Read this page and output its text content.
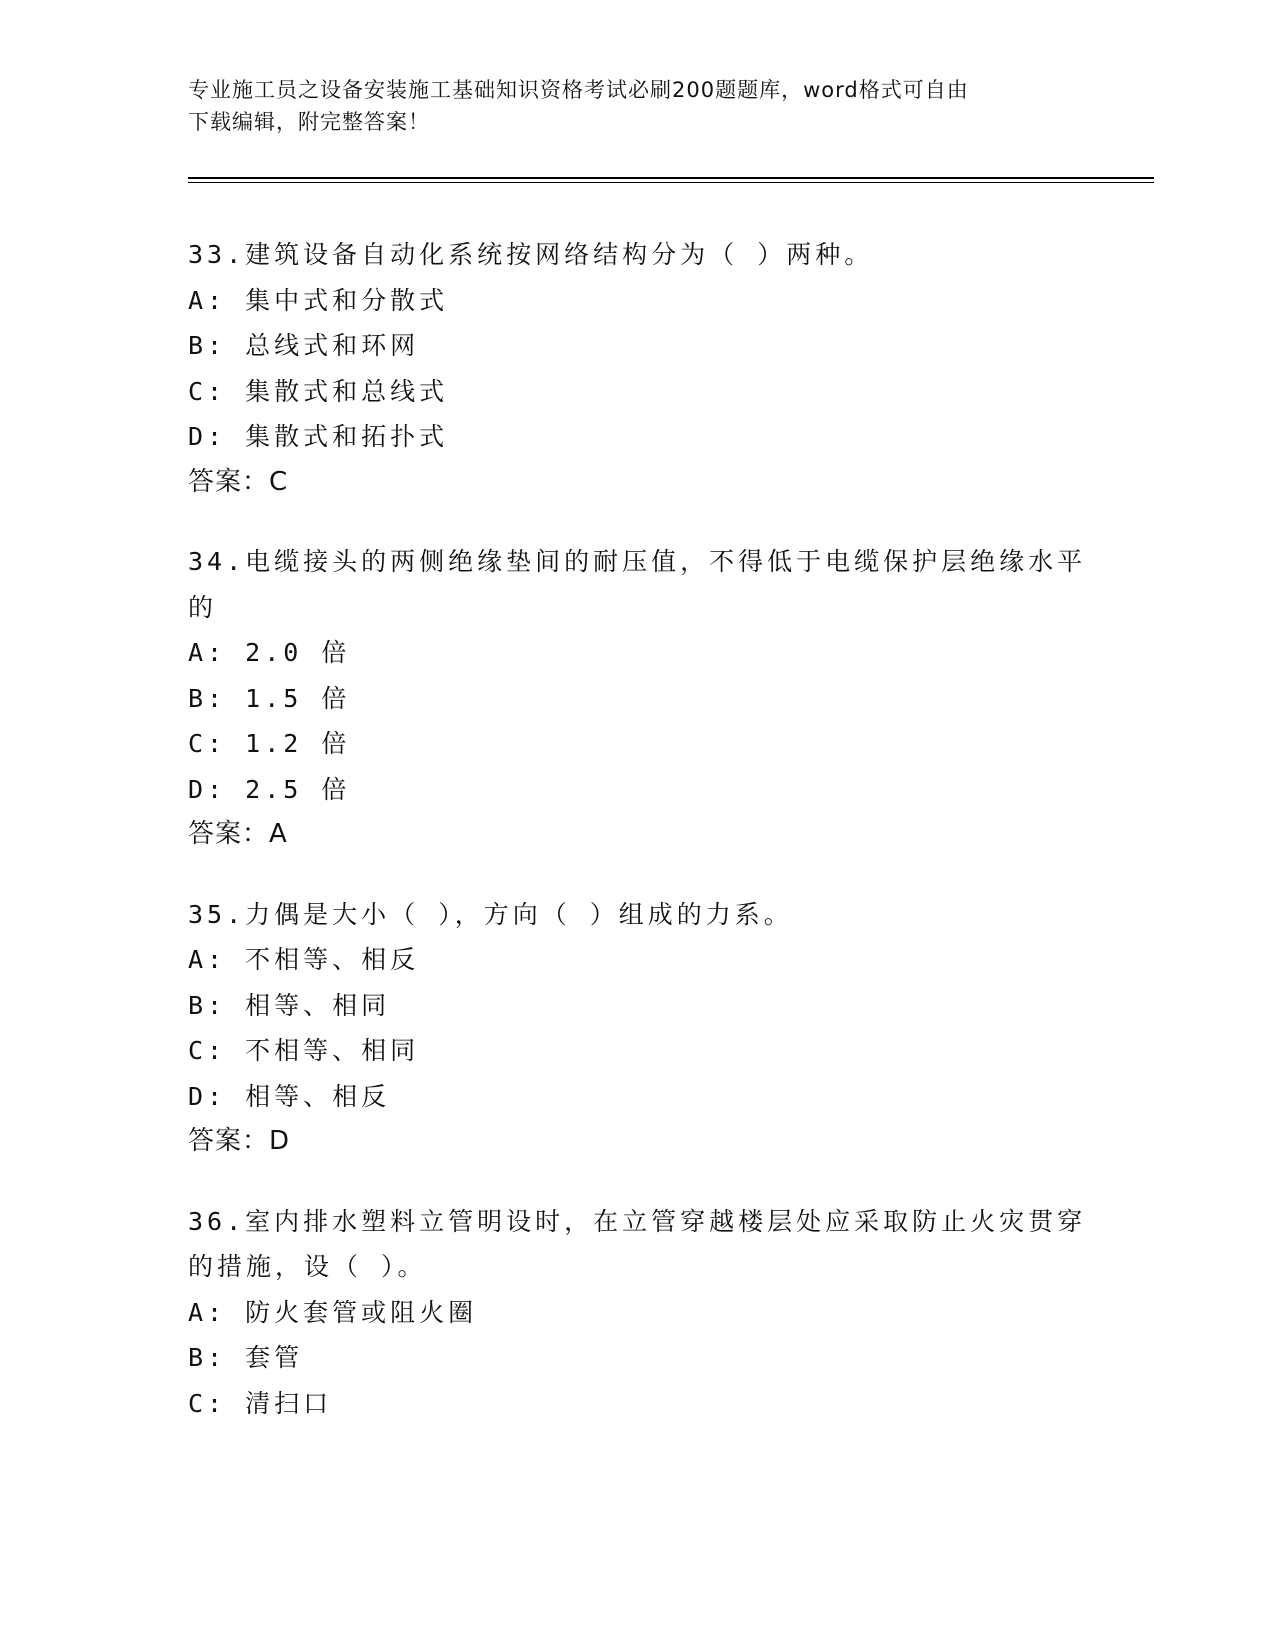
专业施工员之设备安装施工基础知识资格考试必刷200题题库，word格式可自由
下载编辑，附完整答案！
33.建筑设备自动化系统按网络结构分为（ ）两种。
A: 集中式和分散式
B: 总线式和环网
C: 集散式和总线式
D: 集散式和拓扑式
答案：C
34.电缆接头的两侧绝缘垫间的耐压值，不得低于电缆保护层绝缘水平
的
A: 2.0 倍
B: 1.5 倍
C: 1.2 倍
D: 2.5 倍
答案：A
35.力偶是大小（ ），方向（ ）组成的力系。
A: 不相等、相反
B: 相等、相同
C: 不相等、相同
D: 相等、相反
答案：D
36.室内排水塑料立管明设时，在立管穿越楼层处应采取防止火灾贯穿
的措施，设（ ）。
A: 防火套管或阻火圈
B: 套管
C: 清扫口
